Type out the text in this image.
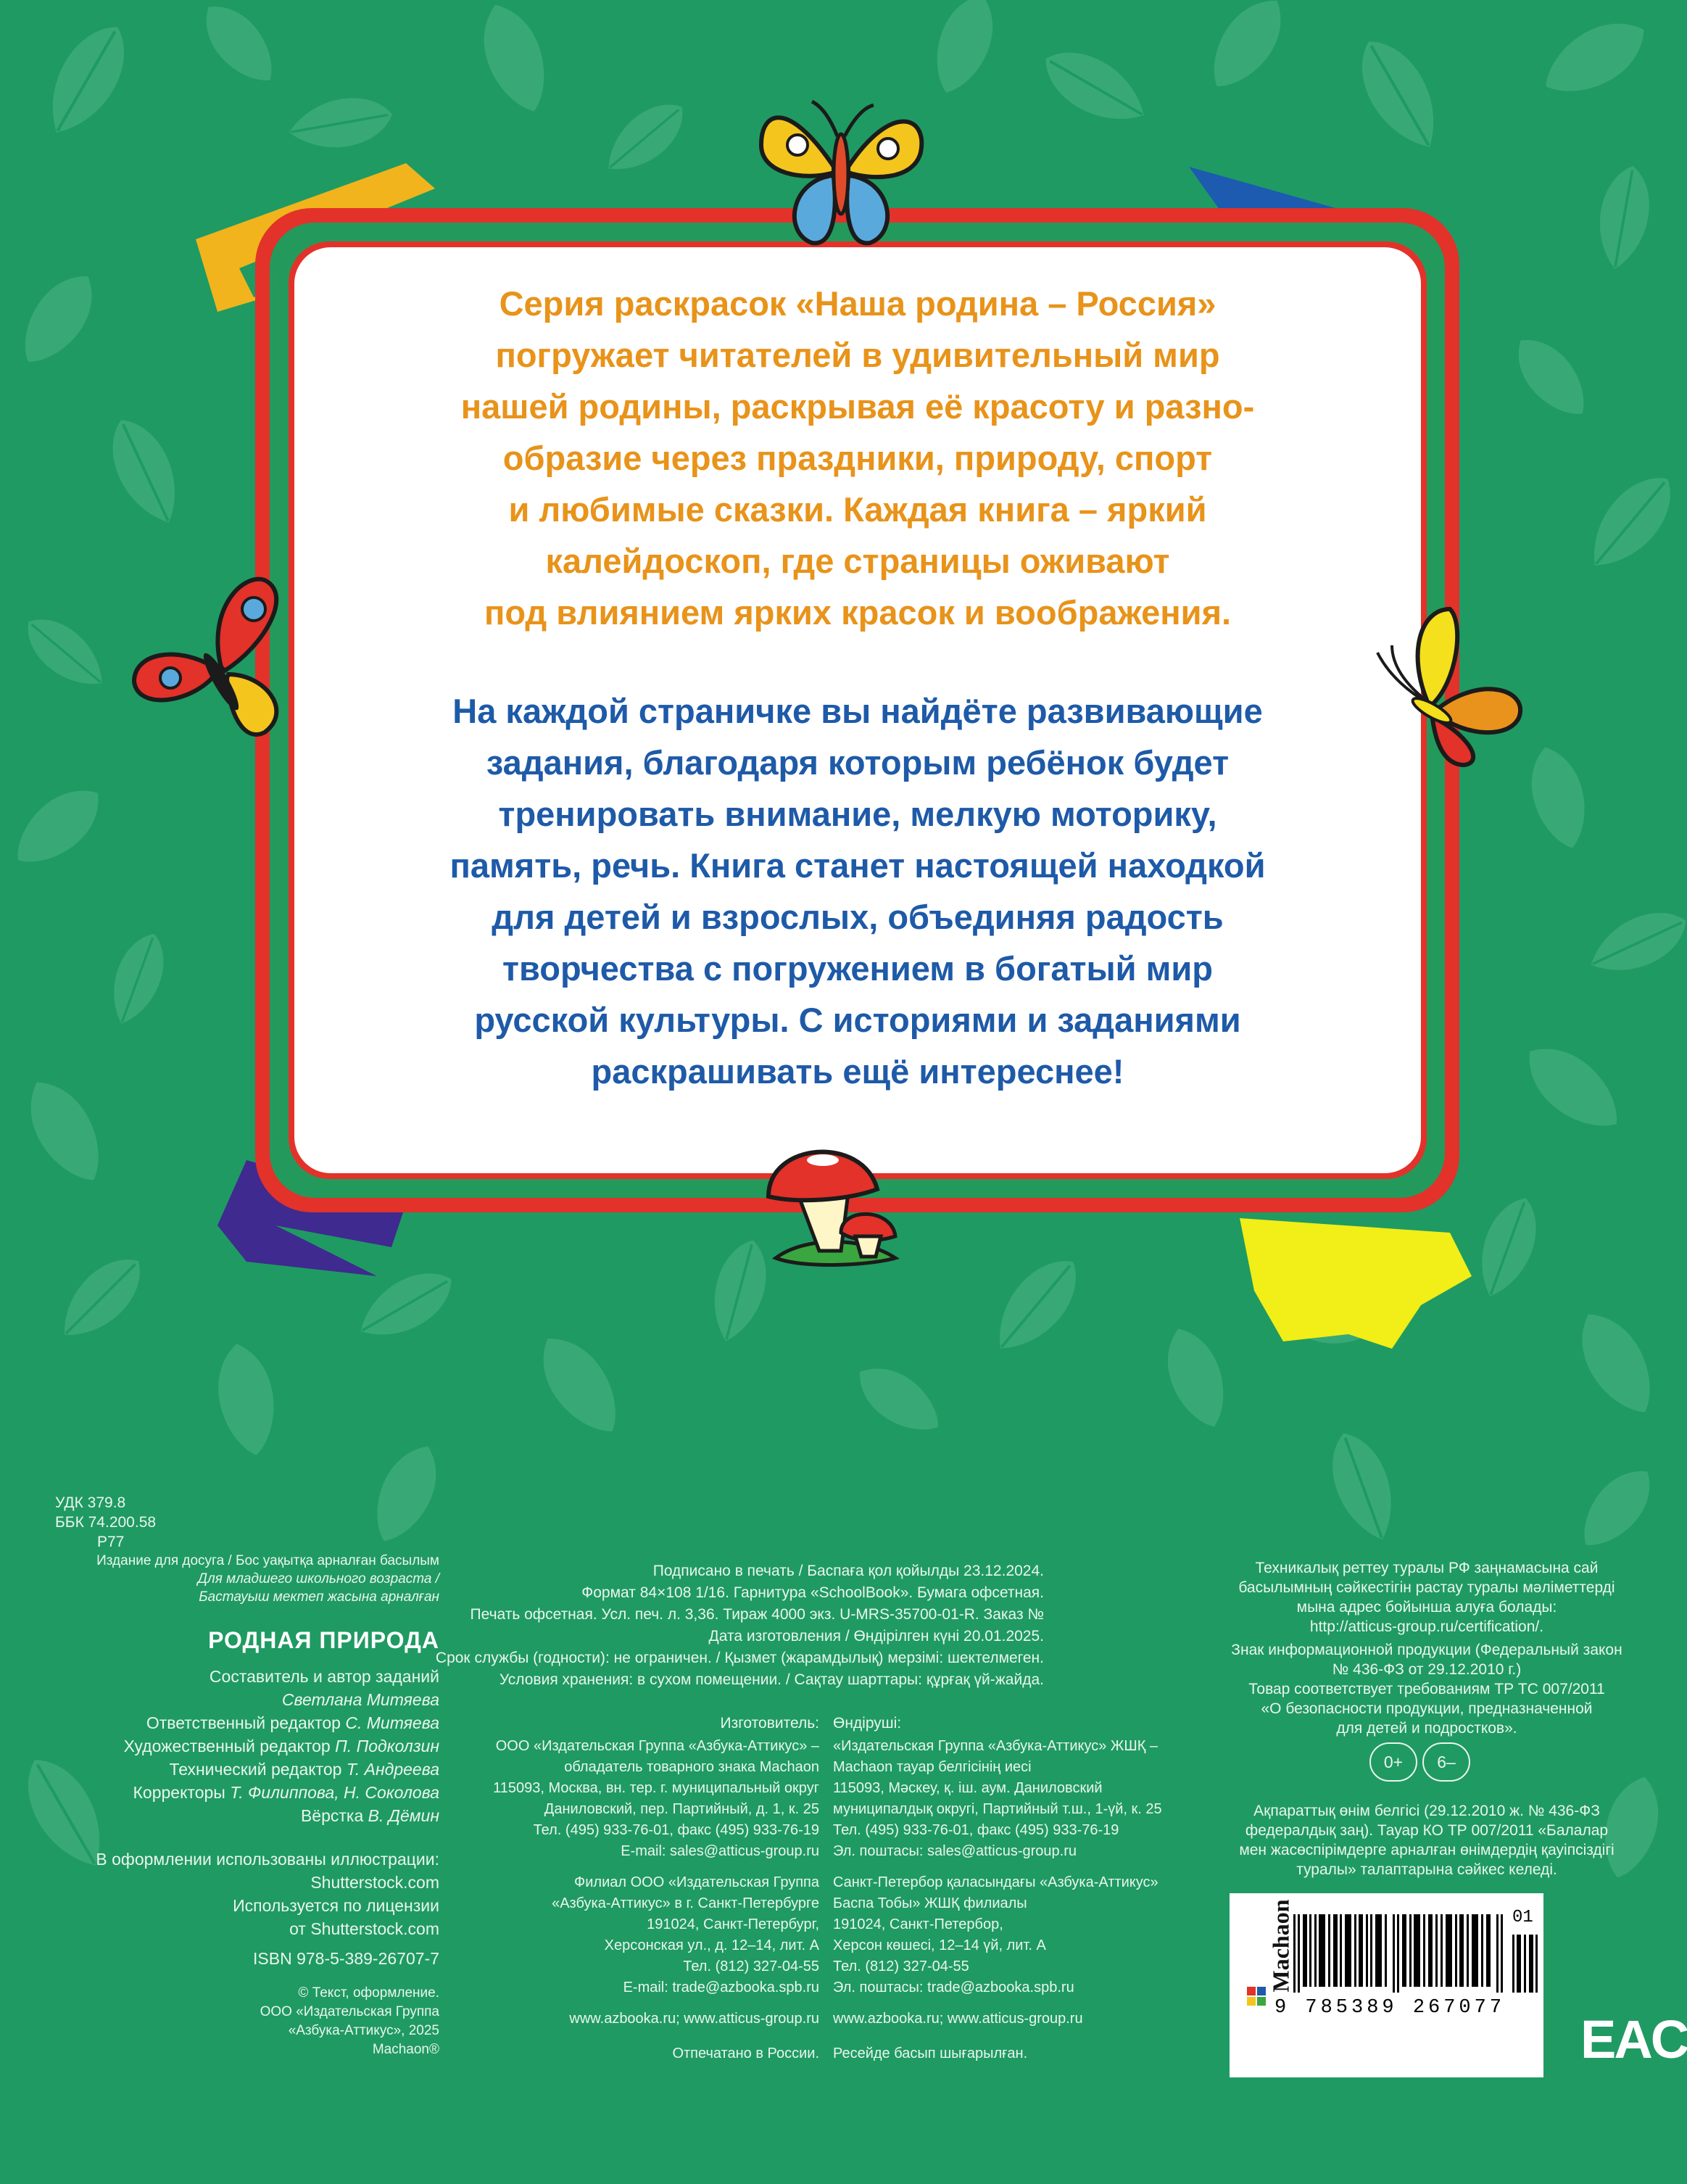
Серия раскрасок «Наша родина – Россия»
погружает читателей в удивительный мир
нашей родины, раскрывая её красоту и разно-
образие через праздники, природу, спорт
и любимые сказки. Каждая книга – яркий
калейдоскоп, где страницы оживают
под влиянием ярких красок и воображения.
На каждой страничке вы найдёте развивающие
задания, благодаря которым ребёнок будет
тренировать внимание, мелкую моторику,
память, речь. Книга станет настоящей находкой
для детей и взрослых, объединяя радость
творчества с погружением в богатый мир
русской культуры. С историями и заданиями
раскрашивать ещё интереснее!
УДК 379.8
ББК 74.200.58
Р77
Издание для досуга / Бос уақытқа арналған басылым
Для младшего школьного возраста /
Бастауыш мектеп жасына арналған
РОДНАЯ ПРИРОДА
Составитель и автор заданий
Светлана Митяева
Ответственный редактор С. Митяева
Художественный редактор П. Подколзин
Технический редактор Т. Андреева
Корректоры Т. Филиппова, Н. Соколова
Вёрстка В. Дёмин
В оформлении использованы иллюстрации:
Shutterstock.com
Используется по лицензии
от Shutterstock.com
ISBN 978-5-389-26707-7
© Текст, оформление.
ООО «Издательская Группа
«Азбука-Аттикус», 2025
Machaon®
Подписано в печать / Баспаға қол қойылды 23.12.2024.
Формат 84×108 1/16. Гарнитура «SchoolBook». Бумага офсетная.
Печать офсетная. Усл. печ. л. 3,36. Тираж 4000 экз. U-MRS-35700-01-R. Заказ №
Дата изготовления / Өндірілген күні 20.01.2025.
Срок службы (годности): не ограничен. / Қызмет (жарамдылық) мерзімі: шектелмеген.
Условия хранения: в сухом помещении. / Сақтау шарттары: құрғақ үй-жайда.
Изготовитель: Өндіруші:
ООО «Издательская Группа «Азбука-Аттикус» –
обладатель товарного знака Machaon
115093, Москва, вн. тер. г. муниципальный округ
Даниловский, пер. Партийный, д. 1, к. 25
Тел. (495) 933-76-01, факс (495) 933-76-19
E-mail: sales@atticus-group.ru
«Издательская Группа «Азбука-Аттикус» ЖШҚ –
Machaon тауар белгісінің иесі
115093, Мәскеу, қ. іш. аум. Даниловский
муниципалдық округі, Партийный т.ш., 1-үй, к. 25
Тел. (495) 933-76-01, факс (495) 933-76-19
Эл. поштасы: sales@atticus-group.ru
Филиал ООО «Издательская Группа
«Азбука-Аттикус» в г. Санкт-Петербурге
191024, Санкт-Петербург,
Херсонская ул., д. 12–14, лит. А
Тел. (812) 327-04-55
E-mail: trade@azbooka.spb.ru
Санкт-Петербор қаласындағы «Азбука-Аттикус»
Баспа Тобы» ЖШҚ филиалы
191024, Санкт-Петербор,
Херсон көшесі, 12–14 үй, лит. А
Тел. (812) 327-04-55
Эл. поштасы: trade@azbooka.spb.ru
www.azbooka.ru; www.atticus-group.ru www.azbooka.ru; www.atticus-group.ru
Отпечатано в России. Ресейде басып шығарылған.
Техникалық реттеу туралы РФ заңнамасына сай
басылымның сәйкестігін растау туралы мәліметтерді
мына адрес бойынша алуға болады:
http://atticus-group.ru/certification/.
Знак информационной продукции (Федеральный закон
№ 436-ФЗ от 29.12.2010 г.)
Товар соответствует требованиям ТР ТС 007/2011
«О безопасности продукции, предназначенной
для детей и подростков».
0+	6–
Ақпараттық өнім белгісі (29.12.2010 ж. № 436-ФЗ
федералдық заң). Тауар КО ТР 007/2011 «Балалар
мен жасөспірімдерге арналған өнімдердің қауіпсіздігі
туралы» талаптарына сәйкес келеді.
Machaon	01
9 785389 267077
EAC
